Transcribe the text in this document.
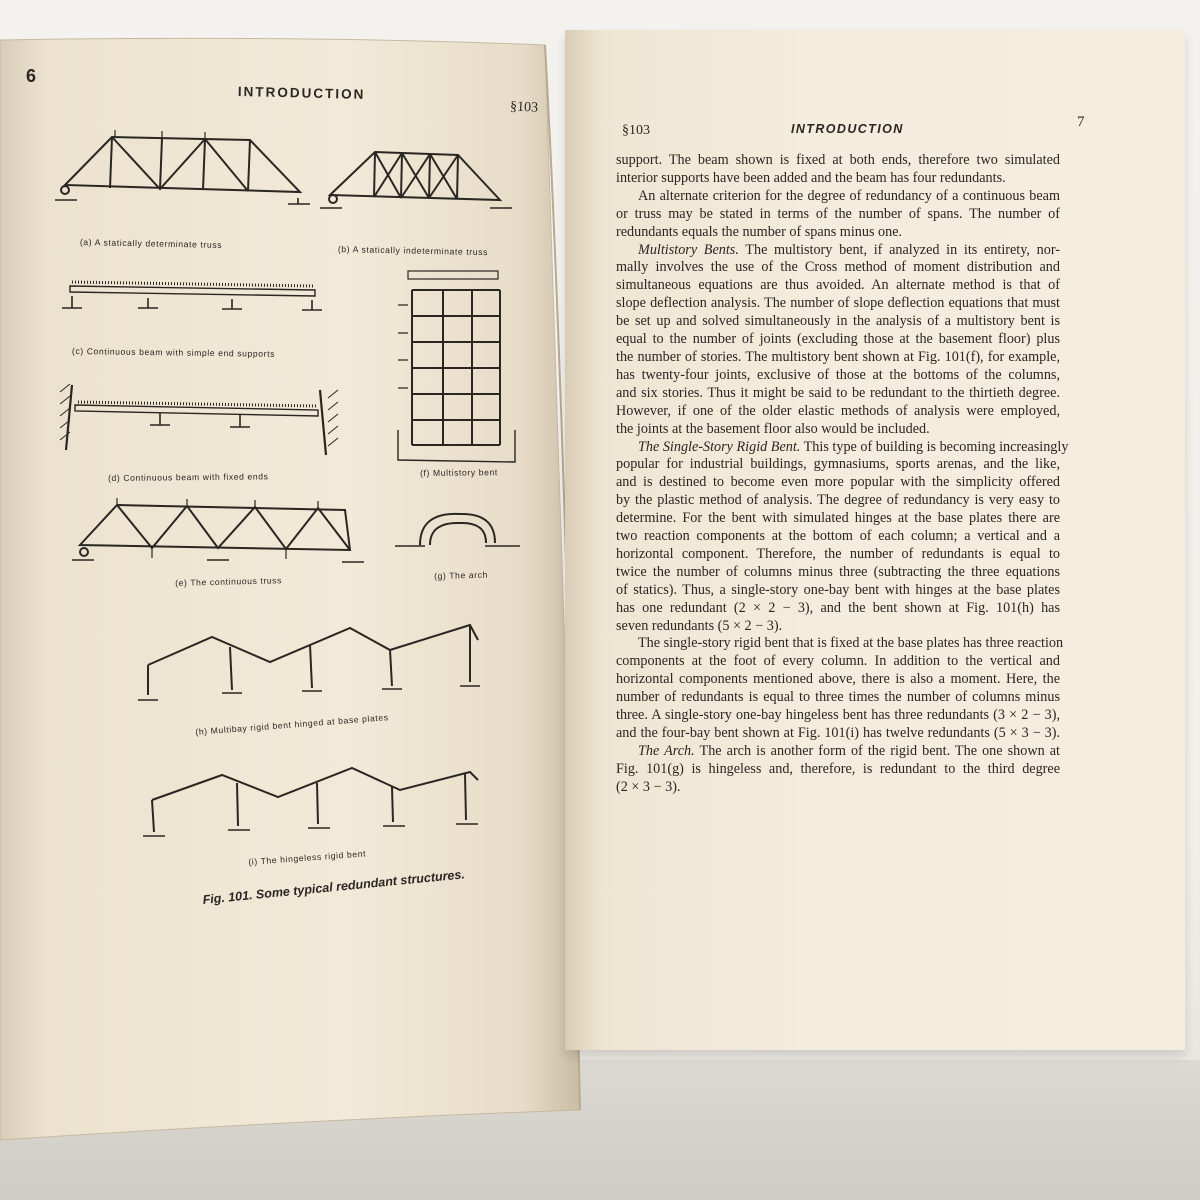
6
INTRODUCTION
§103
(a) A statically determinate truss
(b) A statically indeterminate truss
(c) Continuous beam with simple end supports
(d) Continuous beam with fixed ends	(f) Multistory bent
(g) The arch
(e) The continuous truss
(h) Multibay rigid bent hinged at base plates
(i) The hingeless rigid bent
Fig. 101. Some typical redundant structures.
§103	INTRODUCTION	7
support. The beam shown is fixed at both ends, therefore two simulated
interior supports have been added and the beam has four redundants.
An alternate criterion for the degree of redundancy of a continuous beam
or truss may be stated in terms of the number of spans. The number of
redundants equals the number of spans minus one.
Multistory Bents. The multistory bent, if analyzed in its entirety, nor-
mally involves the use of the Cross method of moment distribution and
simultaneous equations are thus avoided. An alternate method is that of
slope deflection analysis. The number of slope deflection equations that must
be set up and solved simultaneously in the analysis of a multistory bent is
equal to the number of joints (excluding those at the basement floor) plus
the number of stories. The multistory bent shown at Fig. 101(f), for example,
has twenty-four joints, exclusive of those at the bottoms of the columns,
and six stories. Thus it might be said to be redundant to the thirtieth degree.
However, if one of the older elastic methods of analysis were employed,
the joints at the basement floor also would be included.
The Single-Story Rigid Bent. This type of building is becoming increasingly
popular for industrial buildings, gymnasiums, sports arenas, and the like,
and is destined to become even more popular with the simplicity offered
by the plastic method of analysis. The degree of redundancy is very easy to
determine. For the bent with simulated hinges at the base plates there are
two reaction components at the bottom of each column; a vertical and a
horizontal component. Therefore, the number of redundants is equal to
twice the number of columns minus three (subtracting the three equations
of statics). Thus, a single-story one-bay bent with hinges at the base plates
has one redundant (2 × 2 − 3), and the bent shown at Fig. 101(h) has
seven redundants (5 × 2 − 3).
The single-story rigid bent that is fixed at the base plates has three reaction
components at the foot of every column. In addition to the vertical and
horizontal components mentioned above, there is also a moment. Here, the
number of redundants is equal to three times the number of columns minus
three. A single-story one-bay hingeless bent has three redundants (3 × 2 − 3),
and the four-bay bent shown at Fig. 101(i) has twelve redundants (5 × 3 − 3).
The Arch. The arch is another form of the rigid bent. The one shown at
Fig. 101(g) is hingeless and, therefore, is redundant to the third degree
(2 × 3 − 3).
